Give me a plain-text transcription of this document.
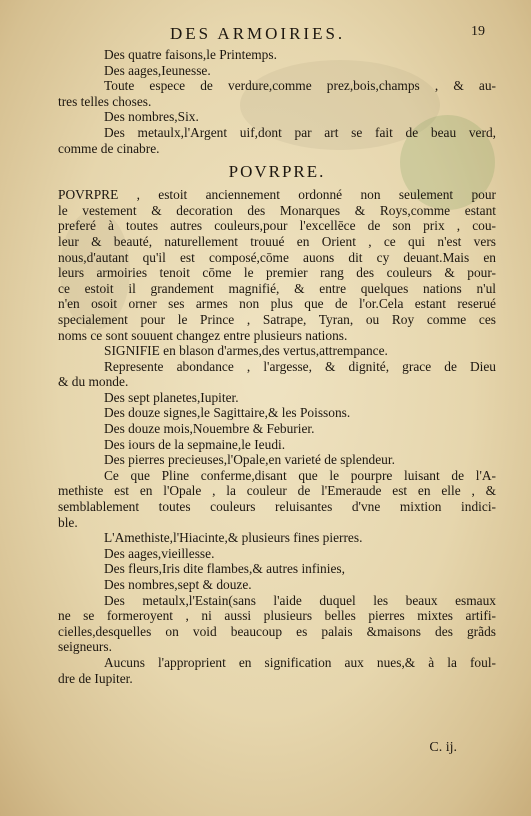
DES ARMOIRIES.	19
Des quatre faisons,le Printemps.
Des aages,Ieunesse.
Toute espece de verdure,comme prez,bois,champs , & au-
tres telles choses.
Des nombres,Six.
Des metaulx,l'Argent uif,dont par art se fait de beau verd,
comme de cinabre.
POVRPRE.
POVRPRE , estoit anciennement ordonné non seulement pour
le vestement & decoration des Monarques & Roys,comme estant
preferé à toutes autres couleurs,pour l'excellēce de son prix , cou-
leur & beauté, naturellement trouué en Orient , ce qui n'est vers
nous,d'autant qu'il est composé,cōme auons dit cy deuant.Mais en
leurs armoiries tenoit cōme le premier rang des couleurs & pour-
ce estoit il grandement magnifié, & entre quelques nations n'ul
n'en osoit orner ses armes non plus que de l'or.Cela estant reserué
specialement pour le Prince , Satrape, Tyran, ou Roy comme ces
noms ce sont souuent changez entre plusieurs nations.
SIGNIFIE en blason d'armes,des vertus,attrempance.
Represente abondance , l'argesse, & dignité, grace de Dieu
& du monde.
Des sept planetes,Iupiter.
Des douze signes,le Sagittaire,& les Poissons.
Des douze mois,Nouembre & Feburier.
Des iours de la sepmaine,le Ieudi.
Des pierres precieuses,l'Opale,en varieté de splendeur.
Ce que Pline conferme,disant que le pourpre luisant de l'A-
methiste est en l'Opale , la couleur de l'Emeraude est en elle , &
semblablement toutes couleurs reluisantes d'vne mixtion indici-
ble.
L'Amethiste,l'Hiacinte,& plusieurs fines pierres.
Des aages,vieillesse.
Des fleurs,Iris dite flambes,& autres infinies,
Des nombres,sept & douze.
Des metaulx,l'Estain(sans l'aide duquel les beaux esmaux
ne se formeroyent , ni aussi plusieurs belles pierres mixtes artifi-
cielles,desquelles on void beaucoup es palais &maisons des grãds
seigneurs.
Aucuns l'approprient en signification aux nues,& à la foul-
dre de Iupiter.
C. ij.
